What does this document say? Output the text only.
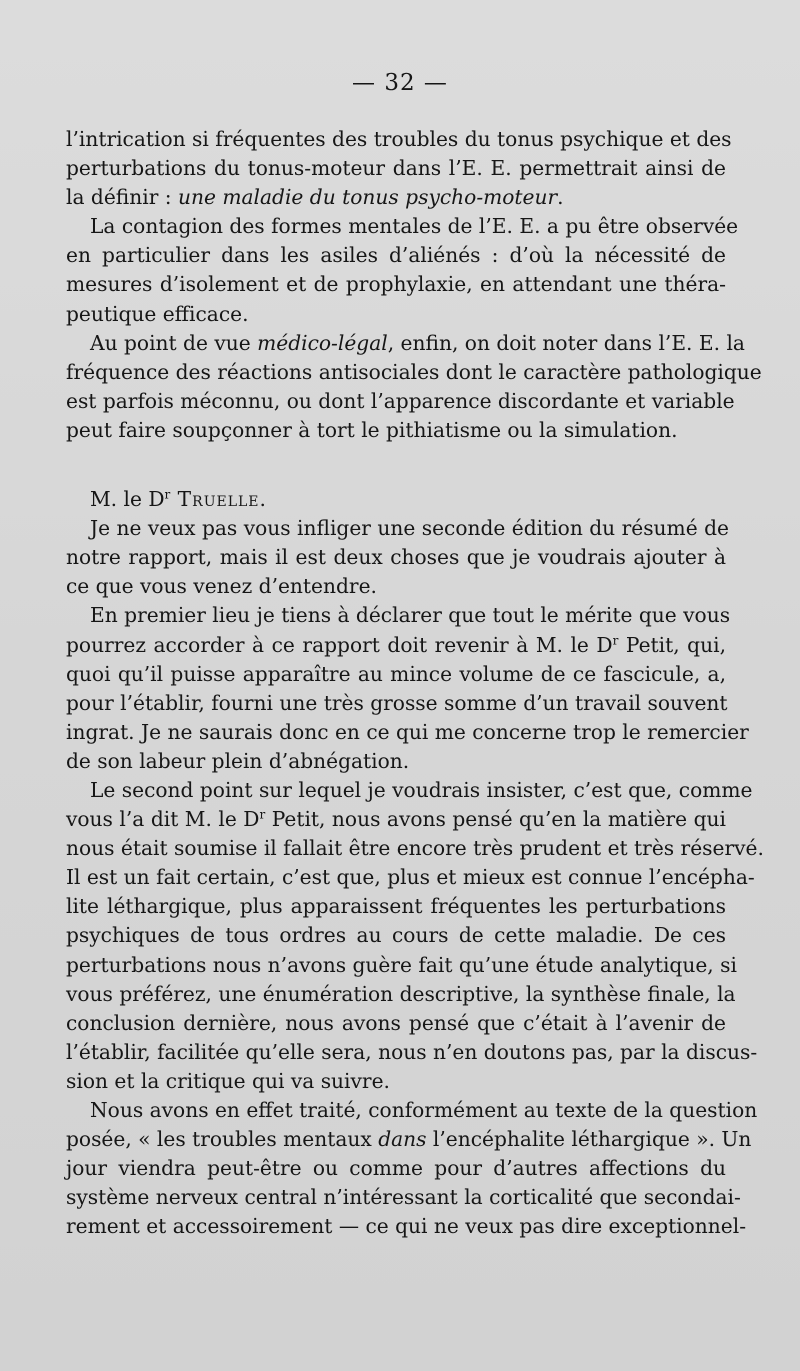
— 32 —
l’intrication si fréquentes des troubles du tonus psychique et des
perturbations du tonus-moteur dans l’E. E. permettrait ainsi de
la définir : une maladie du tonus psycho-moteur.
La contagion des formes mentales de l’E. E. a pu être observée
en particulier dans les asiles d’aliénés : d’où la nécessité de
mesures d’isolement et de prophylaxie, en attendant une théra-
peutique efficace.
Au point de vue médico-légal, enfin, on doit noter dans l’E. E. la
fréquence des réactions antisociales dont le caractère pathologique
est parfois méconnu, ou dont l’apparence discordante et variable
peut faire soupçonner à tort le pithiatisme ou la simulation.
M. le $D^r$ Truelle.
Je ne veux pas vous infliger une seconde édition du résumé de
notre rapport, mais il est deux choses que je voudrais ajouter à
ce que vous venez d’entendre.
En premier lieu je tiens à déclarer que tout le mérite que vous
pourrez accorder à ce rapport doit revenir à M. le $D^r$ Petit, qui,
quoi qu’il puisse apparaître au mince volume de ce fascicule, a,
pour l’établir, fourni une très grosse somme d’un travail souvent
ingrat. Je ne saurais donc en ce qui me concerne trop le remercier
de son labeur plein d’abnégation.
Le second point sur lequel je voudrais insister, c’est que, comme
vous l’a dit M. le $D^r$ Petit, nous avons pensé qu’en la matière qui
nous était soumise il fallait être encore très prudent et très réservé.
Il est un fait certain, c’est que, plus et mieux est connue l’encépha-
lite léthargique, plus apparaissent fréquentes les perturbations
psychiques de tous ordres au cours de cette maladie. De ces
perturbations nous n’avons guère fait qu’une étude analytique, si
vous préférez, une énumération descriptive, la synthèse finale, la
conclusion dernière, nous avons pensé que c’était à l’avenir de
l’établir, facilitée qu’elle sera, nous n’en doutons pas, par la discus-
sion et la critique qui va suivre.
Nous avons en effet traité, conformément au texte de la question
posée, « les troubles mentaux dans l’encéphalite léthargique ». Un
jour viendra peut-être ou comme pour d’autres affections du
système nerveux central n’intéressant la corticalité que secondai-
rement et accessoirement — ce qui ne veux pas dire exceptionnel-
